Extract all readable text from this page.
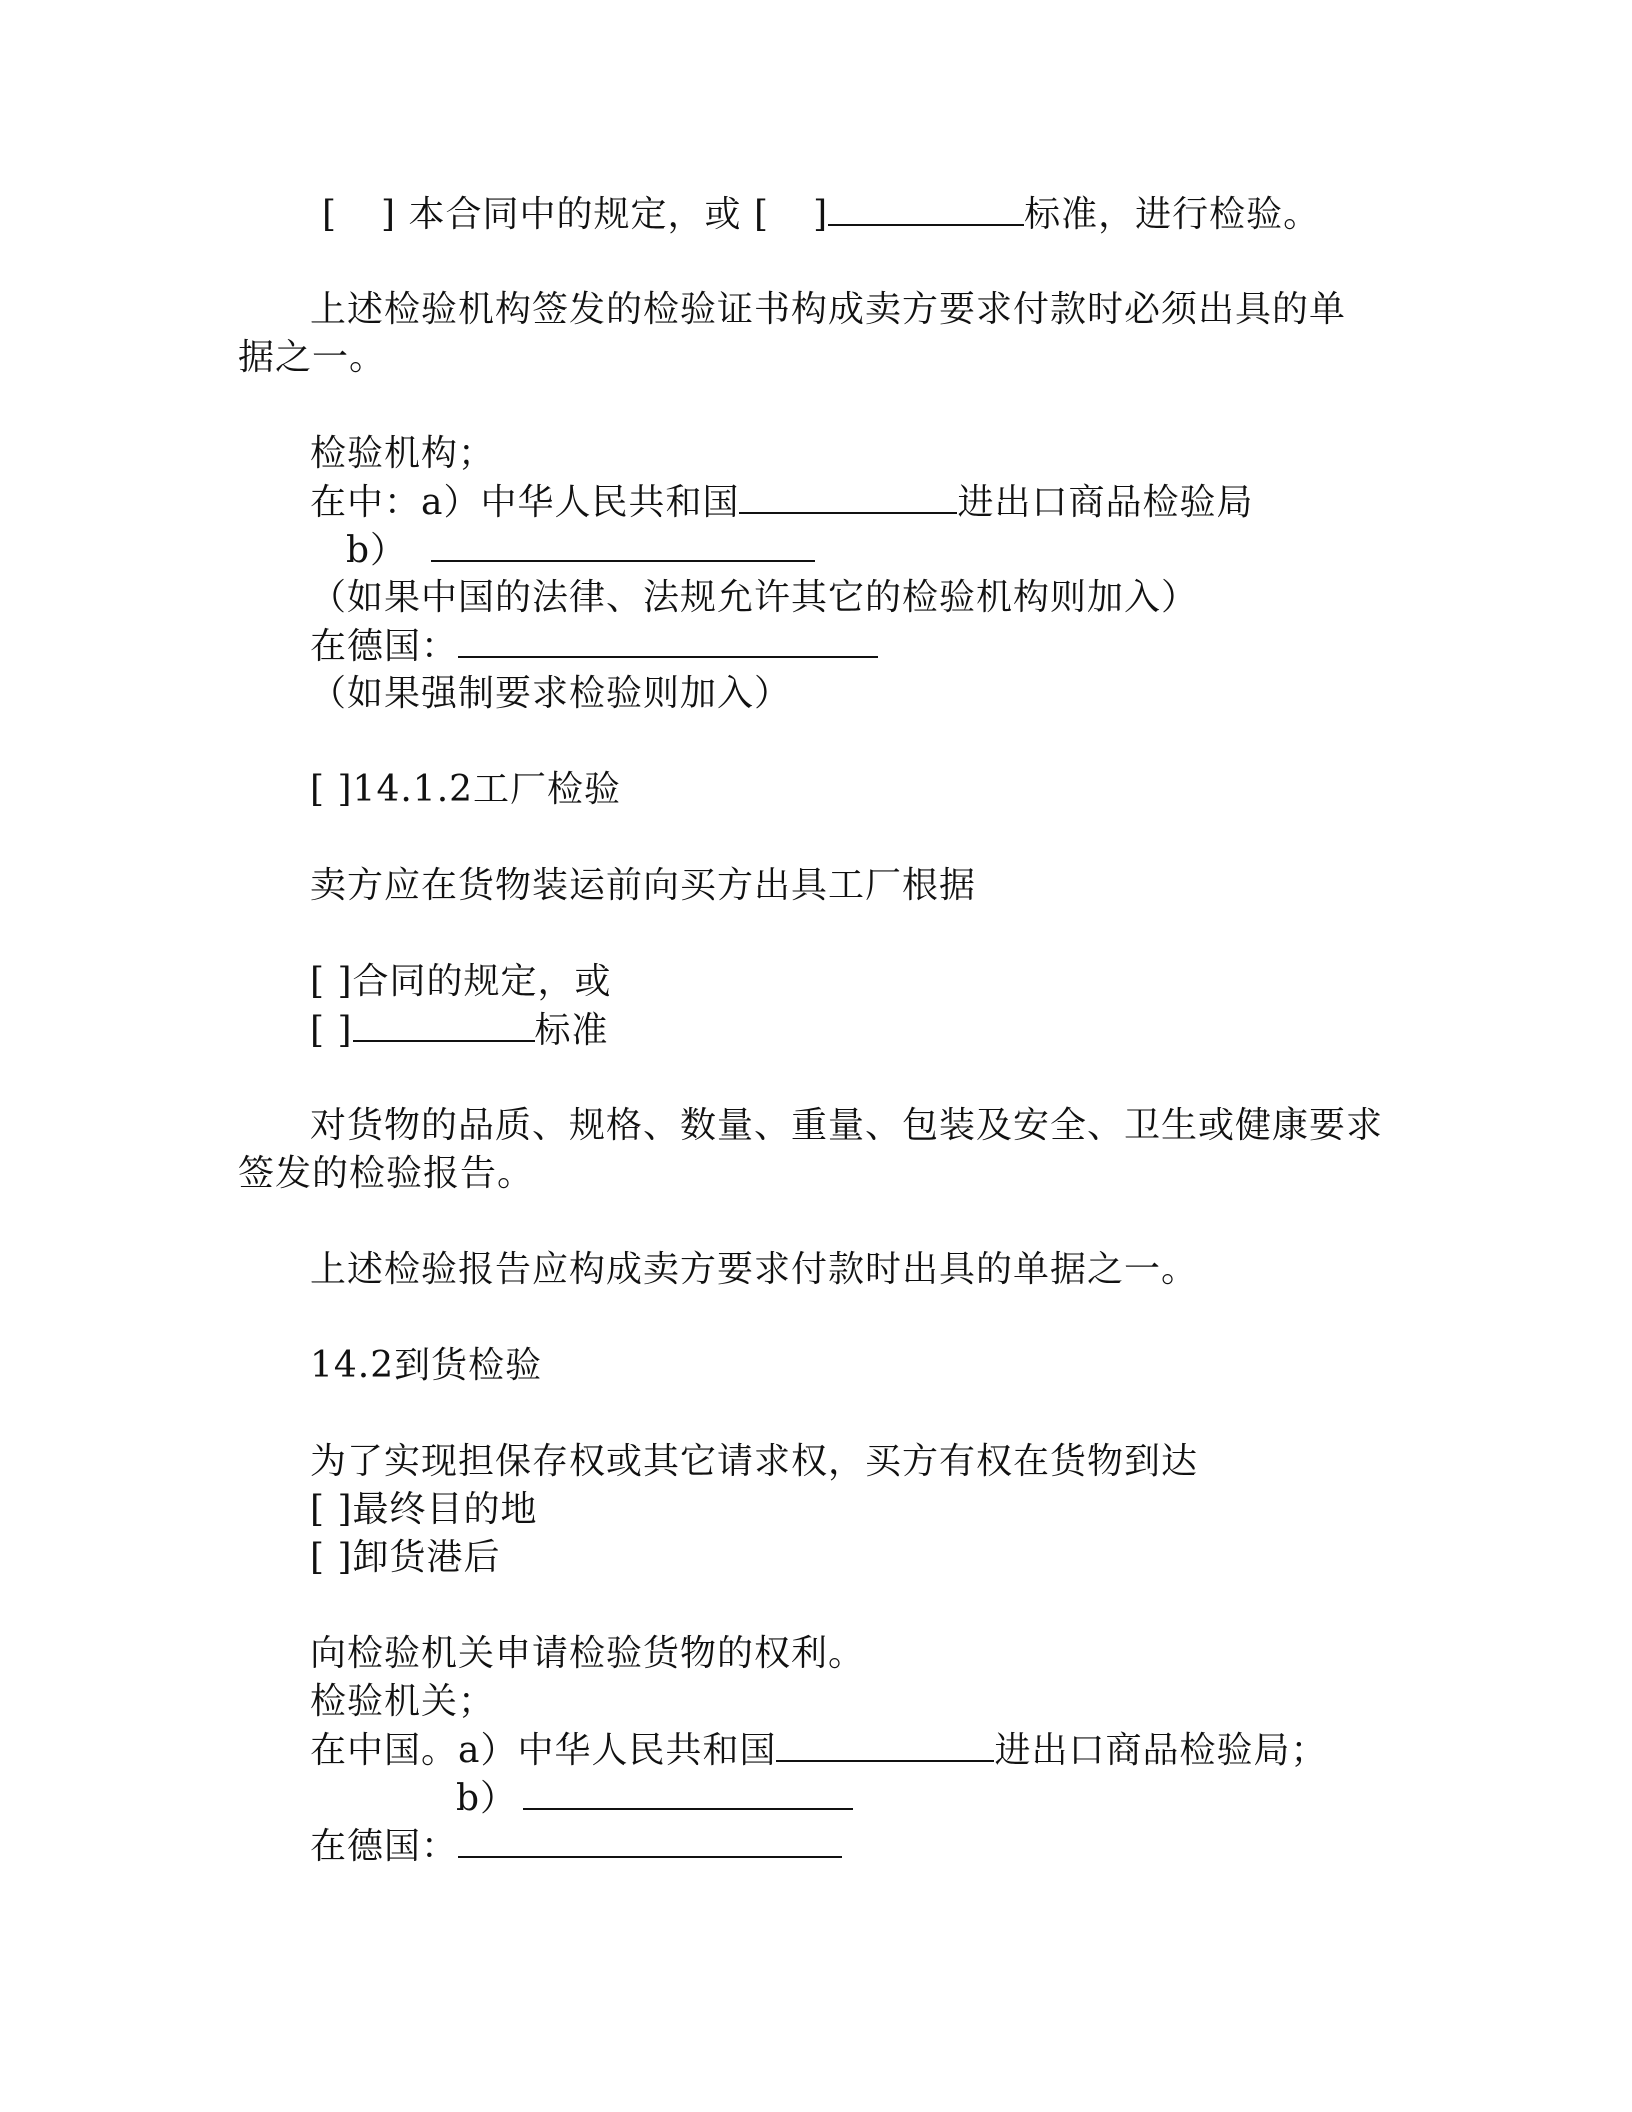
[ ] 本合同中的规定，或 [ ]	标准，进行检验。
上述检验机构签发的检验证书构成卖方要求付款时必须出具的单
据之一。
检验机构；
在中：a）中华人民共和国	进出口商品检验局
b）
（如果中国的法律、法规允许其它的检验机构则加入）
在德国：
（如果强制要求检验则加入）
[ ]14.1.2工厂检验
卖方应在货物装运前向买方出具工厂根据
[ ]合同的规定，或
[ ]	标准
对货物的品质、规格、数量、重量、包装及安全、卫生或健康要求
签发的检验报告。
上述检验报告应构成卖方要求付款时出具的单据之一。
14.2到货检验
为了实现担保存权或其它请求权，买方有权在货物到达
[ ]最终目的地
[ ]卸货港后
向检验机关申请检验货物的权利。
检验机关；
在中国。a）中华人民共和国	进出口商品检验局；
b）
在德国：
